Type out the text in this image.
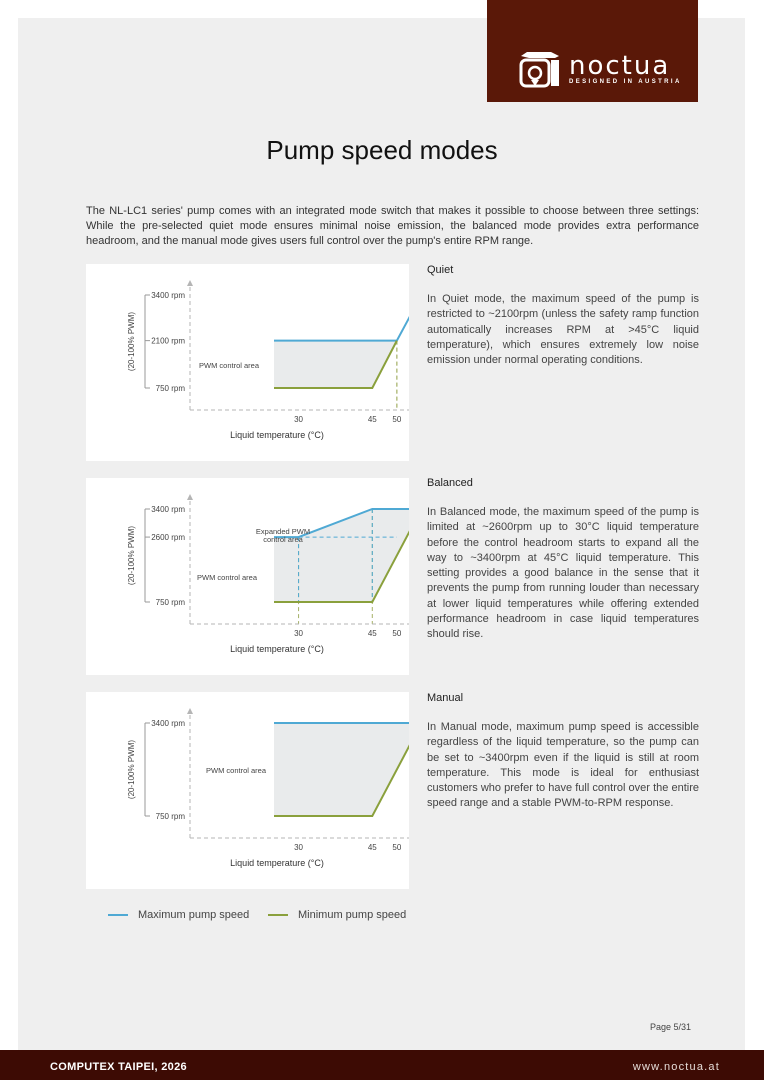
noctua
DESIGNED IN AUSTRIA
Pump speed modes
The NL-LC1 series' pump comes with an integrated mode switch that makes it possible to choose between three settings: While the pre-selected quiet mode ensures minimal noise emission, the balanced mode provides extra performance headroom, and the manual mode gives users full control over the pump's entire RPM range.
750 rpm
2100 rpm
3400 rpm
(20-100% PWM)
30	45 50
Liquid temperature (°C)
PWM control area
750 rpm
2600 rpm
3400 rpm
(20-100% PWM)
30	45 50
Liquid temperature (°C)
PWM control area
Expanded PWM
control area
750 rpm
3400 rpm
(20-100% PWM)
30	45 50
Liquid temperature (°C)
PWM control area
Quiet
In Quiet mode, the maximum speed of the pump is restricted to ~2100rpm (unless the safety ramp function automatically increases RPM at >45°C liquid temperature), which ensures extremely low noise emission under normal operating conditions.
Balanced
In Balanced mode, the maximum speed of the pump is limited at ~2600rpm up to 30°C liquid temperature before the control headroom starts to expand all the way to ~3400rpm at 45°C liquid temperature. This setting provides a good balance in the sense that it prevents the pump from running louder than necessary at lower liquid temperatures while offering extended performance headroom in case liquid temperatures should rise.
Manual
In Manual mode, maximum pump speed is accessible regardless of the liquid temperature, so the pump can be set to ~3400rpm even if the liquid is still at room temperature. This mode is ideal for enthusiast customers who prefer to have full control over the entire speed range and a stable PWM-to-RPM response.
Maximum pump speed	Minimum pump speed
Page 5/31
COMPUTEX TAIPEI, 2026	www.noctua.at
